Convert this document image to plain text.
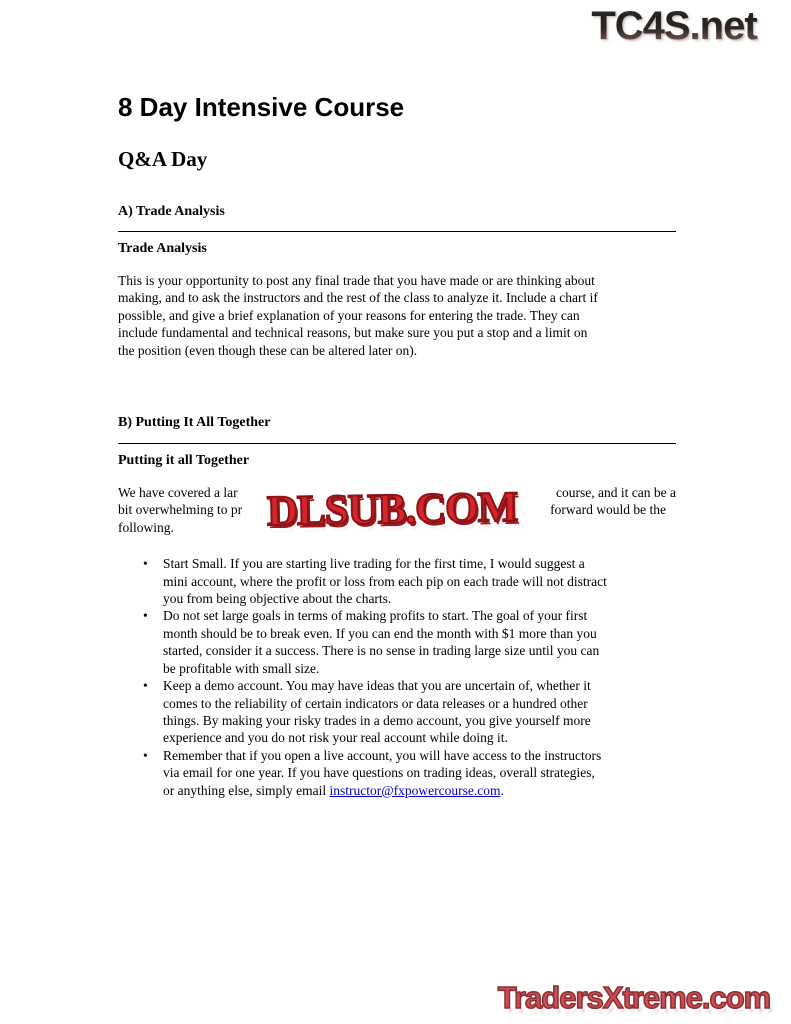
TC4S.net
8 Day Intensive Course
Q&A Day
A) Trade Analysis
Trade Analysis
This is your opportunity to post any final trade that you have made or are thinking about
making, and to ask the instructors and the rest of the class to analyze it. Include a chart if
possible, and give a brief explanation of your reasons for entering the trade. They can
include fundamental and technical reasons, but make sure you put a stop and a limit on
the position (even though these can be altered later on).
B) Putting It All Together
Putting it all Together
We have covered a lar	course, and it can be a
bit overwhelming to pr	forward would be the
following.
• Start Small. If you are starting live trading for the first time, I would suggest a
mini account, where the profit or loss from each pip on each trade will not distract
you from being objective about the charts.
• Do not set large goals in terms of making profits to start. The goal of your first
month should be to break even. If you can end the month with $1 more than you
started, consider it a success. There is no sense in trading large size until you can
be profitable with small size.
• Keep a demo account. You may have ideas that you are uncertain of, whether it
comes to the reliability of certain indicators or data releases or a hundred other
things. By making your risky trades in a demo account, you give yourself more
experience and you do not risk your real account while doing it.
• Remember that if you open a live account, you will have access to the instructors
via email for one year. If you have questions on trading ideas, overall strategies,
or anything else, simply email instructor@fxpowercourse.com.
DLSUB.COM
TradersXtreme.com
